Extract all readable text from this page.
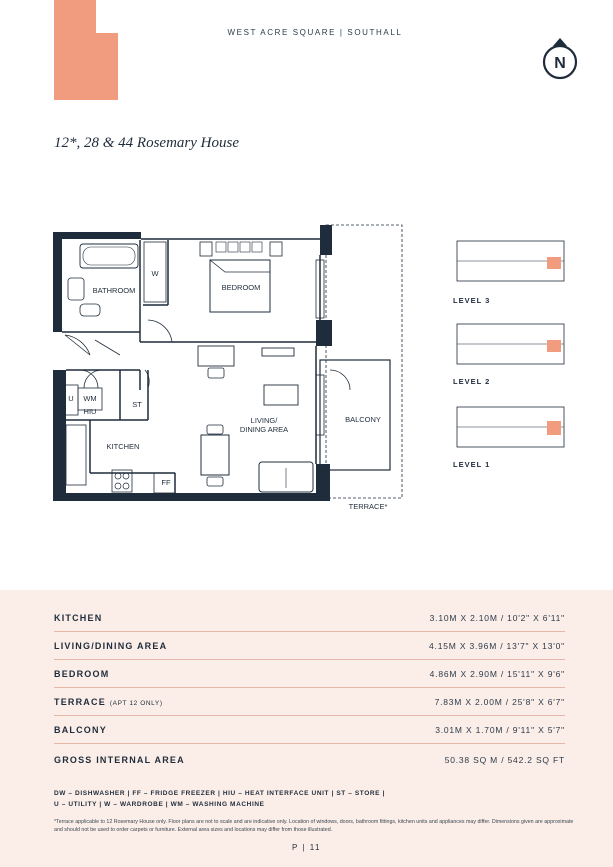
WEST ACRE SQUARE | SOUTHALL
N
12*, 28 & 44 Rosemary House
BATHROOM
W
BEDROOM
U WM
HIU
ST
KITCHEN
LIVING/
DINING AREA
BALCONY
FF
TERRACE*
LEVEL 3
LEVEL 2
LEVEL 1
KITCHEN	3.10M X 2.10M / 10'2" X 6'11"
LIVING/DINING AREA	4.15M X 3.96M / 13'7" X 13'0"
BEDROOM	4.86M X 2.90M / 15'11" X 9'6"
TERRACE (APT 12 ONLY)	7.83M X 2.00M / 25'8" X 6'7"
BALCONY	3.01M X 1.70M / 9'11" X 5'7"
GROSS INTERNAL AREA	50.38 SQ M / 542.2 SQ FT
DW – DISHWASHER | FF – FRIDGE FREEZER | HIU – HEAT INTERFACE UNIT | ST – STORE |
U – UTILITY | W – WARDROBE | WM – WASHING MACHINE
*Terrace applicable to 12 Rosemary House only. Floor plans are not to scale and are indicative only. Location of windows, doors, bathroom fittings, kitchen units and appliances may differ. Dimensions given are approximate and should not be used to order carpets or furniture. External area sizes and locations may differ from those illustrated.
P | 11
